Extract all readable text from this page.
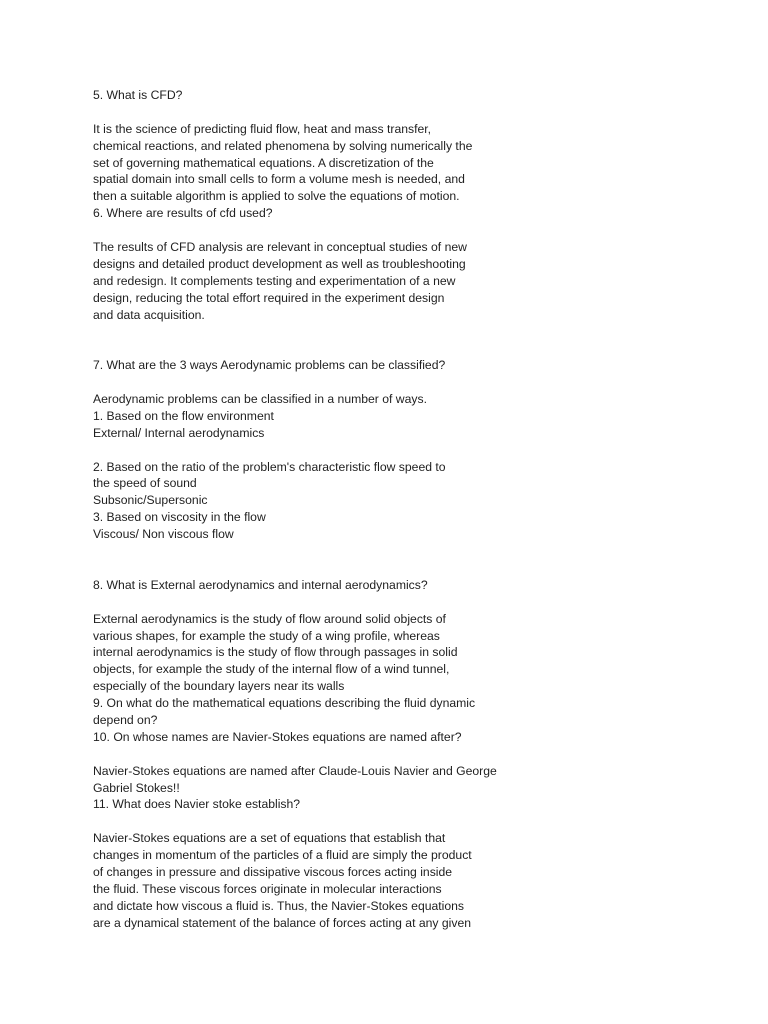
5. What is CFD?
It is the science of predicting fluid flow, heat and mass transfer,
chemical reactions, and related phenomena by solving numerically the
set of governing mathematical equations. A discretization of the
spatial domain into small cells to form a volume mesh is needed, and
then a suitable algorithm is applied to solve the equations of motion.
6. Where are results of cfd used?
The results of CFD analysis are relevant in conceptual studies of new
designs and detailed product development as well as troubleshooting
and redesign. It complements testing and experimentation of a new
design, reducing the total effort required in the experiment design
and data acquisition.
7. What are the 3 ways Aerodynamic problems can be classified?
Aerodynamic problems can be classified in a number of ways.
1. Based on the flow environment
External/ Internal aerodynamics
2. Based on the ratio of the problem's characteristic flow speed to
the speed of sound
Subsonic/Supersonic
3. Based on viscosity in the flow
Viscous/ Non viscous flow
8. What is External aerodynamics and internal aerodynamics?
External aerodynamics is the study of flow around solid objects of
various shapes, for example the study of a wing profile, whereas
internal aerodynamics is the study of flow through passages in solid
objects, for example the study of the internal flow of a wind tunnel,
especially of the boundary layers near its walls
9. On what do the mathematical equations describing the fluid dynamic
depend on?
10. On whose names are Navier-Stokes equations are named after?
Navier-Stokes equations are named after Claude-Louis Navier and George
Gabriel Stokes!!
11. What does Navier stoke establish?
Navier-Stokes equations are a set of equations that establish that
changes in momentum of the particles of a fluid are simply the product
of changes in pressure and dissipative viscous forces acting inside
the fluid. These viscous forces originate in molecular interactions
and dictate how viscous a fluid is. Thus, the Navier-Stokes equations
are a dynamical statement of the balance of forces acting at any given
